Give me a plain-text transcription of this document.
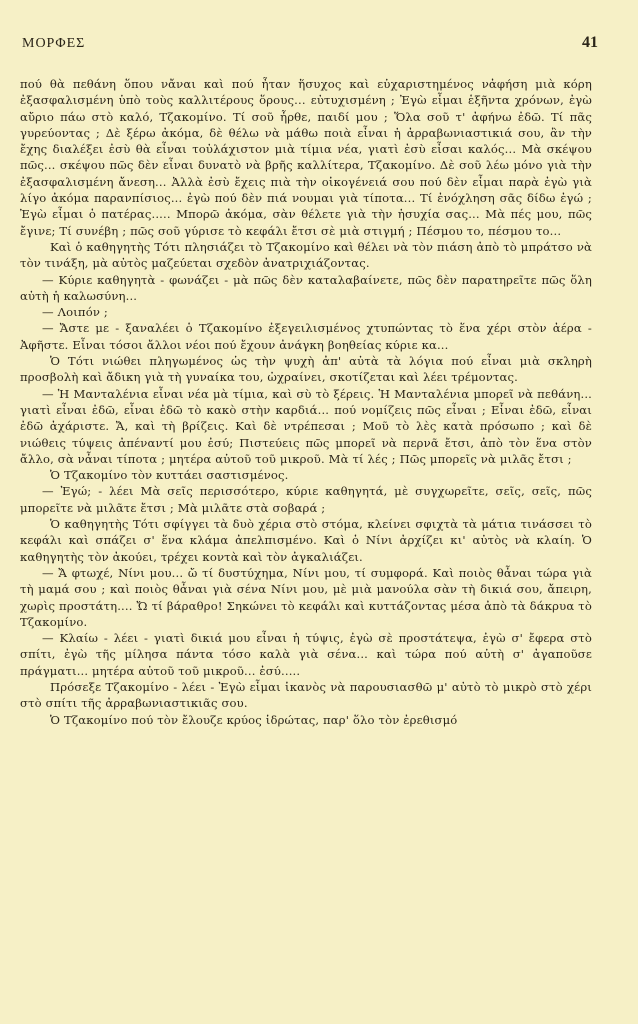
ΜΟΡΦΕΣ	41

πού θὰ πεθάνη ὅπου νἄναι καὶ πού ἦταν ἥσυχος καὶ εὐχαριστημένος νἀφήση μιὰ κόρη ἐξασφαλισμένη ὑπὸ τοὺς καλλιτέρους ὅρους... εὐτυχισμένη ; Ἐγὼ εἶμαι ἑξῆντα χρόνων, ἐγὼ αὔριο πάω στὸ καλό, Τζακομίνο. Τί σοῦ ἦρθε, παιδί μου ; Ὅλα σοῦ τ' ἀφήνω ἐδῶ. Τί πᾶς γυρεύοντας ; Δὲ ξέρω ἀκόμα, δὲ θέλω νὰ μάθω ποιὰ εἶναι ἡ ἀρραβωνιαστικιά σου, ἂν τὴν ἔχης διαλέξει ἐσὺ θὰ εἶναι τοὐλάχιστον μιὰ τίμια νέα, γιατὶ ἐσὺ εἶσαι καλός... Μὰ σκέψου πῶς... σκέψου πῶς δὲν εἶναι δυνατὸ νὰ βρῆς καλλίτερα, Τζακομίνο. Δὲ σοῦ λέω μόνο γιὰ τὴν ἐξασφαλισμένη ἄνεση... Ἀλλὰ ἐσὺ ἔχεις πιὰ τὴν οἰκογένειά σου πού δὲν εἶμαι παρὰ ἐγὼ γιὰ λίγο ἀκόμα παρανπίσιος... ἐγὼ πού δὲν πιά νουμαι γιὰ τίποτα... Τί ἐνόχληση σᾶς δίδω ἐγώ ; Ἐγὼ εἶμαι ὁ πατέρας..... Μπορῶ ἀκόμα, σὰν θέλετε γιὰ τὴν ἡσυχία σας... Μὰ πές μου, πῶς ἔγινε; Τί συνέβη ; πῶς σοῦ γύρισε τὸ κεφάλι ἔτσι σὲ μιὰ στιγμή ; Πέσμου το, πέσμου το...

Καὶ ὁ καθηγητὴς Τότι πλησιάζει τὸ Τζακομίνο καὶ θέλει νὰ τὸν πιάση ἀπὸ τὸ μπράτσο νὰ τὸν τινάξη, μὰ αὐτὸς μαζεύεται σχεδὸν ἀνατριχιάζοντας.

— Κύριε καθηγητὰ - φωνάζει - μὰ πῶς δὲν καταλαβαίνετε, πῶς δὲν παρατηρεῖτε πῶς ὅλη αὐτὴ ἡ καλωσύνη...

— Λοιπόν ;

— Ἄστε με - ξαναλέει ὁ Τζακομίνο ἐξεγειλισμένος χτυπώντας τὸ ἕνα χέρι στὸν ἀέρα - Ἀφῆστε. Εἶναι τόσοι ἄλλοι νέοι πού ἔχουν ἀνάγκη βοηθείας κύριε κα...

Ὁ Τότι νιώθει πληγωμένος ὡς τὴν ψυχὴ ἀπ' αὐτὰ τὰ λόγια πού εἶναι μιὰ σκληρὴ προσβολὴ καὶ ἄδικη γιὰ τὴ γυναίκα του, ὠχραίνει, σκοτίζεται καὶ λέει τρέμοντας.

— Ἡ Μανταλένια εἶναι νέα μὰ τίμια, καὶ σὺ τὸ ξέρεις. Ἡ Μανταλένια μπορεῖ νὰ πεθάνη... γιατὶ εἶναι ἐδῶ, εἶναι ἐδῶ τὸ κακὸ στὴν καρδιά... πού νομίζεις πῶς εἶναι ; Εἶναι ἐδῶ, εἶναι ἐδῶ ἀχάριστε. Ἄ, καὶ τὴ βρίζεις. Καὶ δὲ ντρέπεσαι ; Μοῦ τὸ λὲς κατὰ πρόσωπο ; καὶ δὲ νιώθεις τύψεις ἀπέναντί μου ἐσύ; Πιστεύεις πῶς μπορεῖ νὰ περνᾶ ἔτσι, ἀπὸ τὸν ἕνα στὸν ἄλλο, σὰ νἆναι τίποτα ; μητέρα αὐτοῦ τοῦ μικροῦ. Μὰ τί λές ; Πῶς μπορεῖς νὰ μιλᾶς ἔτσι ;

Ὁ Τζακομίνο τὸν κυττάει σαστισμένος.

— Ἐγώ; - λέει Μὰ σεῖς περισσότερο, κύριε καθηγητά, μὲ συγχωρεῖτε, σεῖς, σεῖς, πῶς μπορεῖτε νὰ μιλᾶτε ἔτσι ; Μὰ μιλᾶτε στὰ σοβαρά ;

Ὁ καθηγητὴς Τότι σφίγγει τὰ δυὸ χέρια στὸ στόμα, κλείνει σφιχτὰ τὰ μάτια τινάσσει τὸ κεφάλι καὶ σπάζει σ' ἕνα κλάμα ἀπελπισμένο. Καὶ ὁ Νίνι ἀρχίζει κι' αὐτὸς νὰ κλαίη. Ὁ καθηγητὴς τὸν ἀκούει, τρέχει κοντὰ καὶ τὸν ἀγκαλιάζει.

— Ἄ φτωχέ, Νίνι μου... ὤ τί δυστύχημα, Νίνι μου, τί συμφορά. Καὶ ποιὸς θἆναι τώρα γιὰ τὴ μαμά σου ; καὶ ποιὸς θἆναι γιὰ σένα Νίνι μου, μὲ μιὰ μανούλα σὰν τὴ δικιά σου, ἄπειρη, χωρὶς προστάτη.... Ὤ τί βάραθρο! Σηκώνει τὸ κεφάλι καὶ κυττάζοντας μέσα ἀπὸ τὰ δάκρυα τὸ Τζακομίνο.

— Κλαίω - λέει - γιατὶ δικιά μου εἶναι ἡ τύψις, ἐγὼ σὲ προστάτεψα, ἐγὼ σ' ἔφερα στὸ σπίτι, ἐγὼ τῆς μίλησα πάντα τόσο καλὰ γιὰ σένα... καὶ τώρα πού αὐτὴ σ' ἀγαποῦσε πράγματι... μητέρα αὐτοῦ τοῦ μικροῦ... ἐσύ.....

Πρόσεξε Τζακομίνο - λέει - Ἐγὼ εἶμαι ἱκανὸς νὰ παρουσιασθῶ μ' αὐτὸ τὸ μικρὸ στὸ χέρι στὸ σπίτι τῆς ἀρραβωνιαστικιᾶς σου.

Ὁ Τζακομίνο πού τὸν ἔλουζε κρύος ἱδρώτας, παρ' ὅλο τὸν ἐρεθισμό
